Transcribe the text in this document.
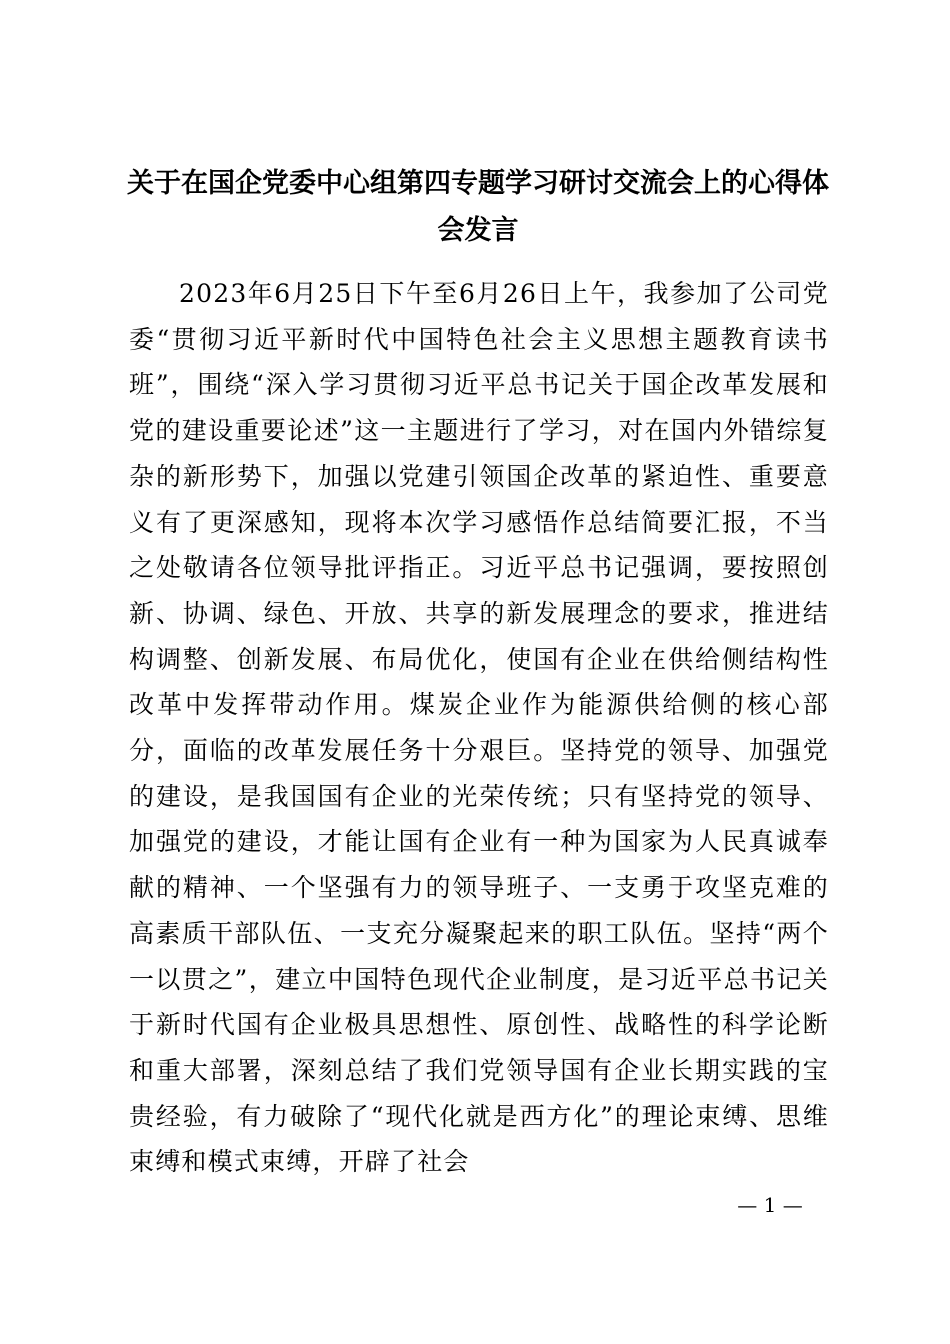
关于在国企党委中心组第四专题学习研讨交流会上的心得体会发言

2023年6月25日下午至6月26日上午，我参加了公司党委“贯彻习近平新时代中国特色社会主义思想主题教育读书班”，围绕“深入学习贯彻习近平总书记关于国企改革发展和党的建设重要论述”这一主题进行了学习，对在国内外错综复杂的新形势下，加强以党建引领国企改革的紧迫性、重要意义有了更深感知，现将本次学习感悟作总结简要汇报，不当之处敬请各位领导批评指正。习近平总书记强调，要按照创新、协调、绿色、开放、共享的新发展理念的要求，推进结构调整、创新发展、布局优化，使国有企业在供给侧结构性改革中发挥带动作用。煤炭企业作为能源供给侧的核心部分，面临的改革发展任务十分艰巨。坚持党的领导、加强党的建设，是我国国有企业的光荣传统；只有坚持党的领导、加强党的建设，才能让国有企业有一种为国家为人民真诚奉献的精神、一个坚强有力的领导班子、一支勇于攻坚克难的高素质干部队伍、一支充分凝聚起来的职工队伍。坚持“两个一以贯之”，建立中国特色现代企业制度，是习近平总书记关于新时代国有企业极具思想性、原创性、战略性的科学论断和重大部署，深刻总结了我们党领导国有企业长期实践的宝贵经验，有力破除了“现代化就是西方化”的理论束缚、思维束缚和模式束缚，开辟了社会

— 1 —
